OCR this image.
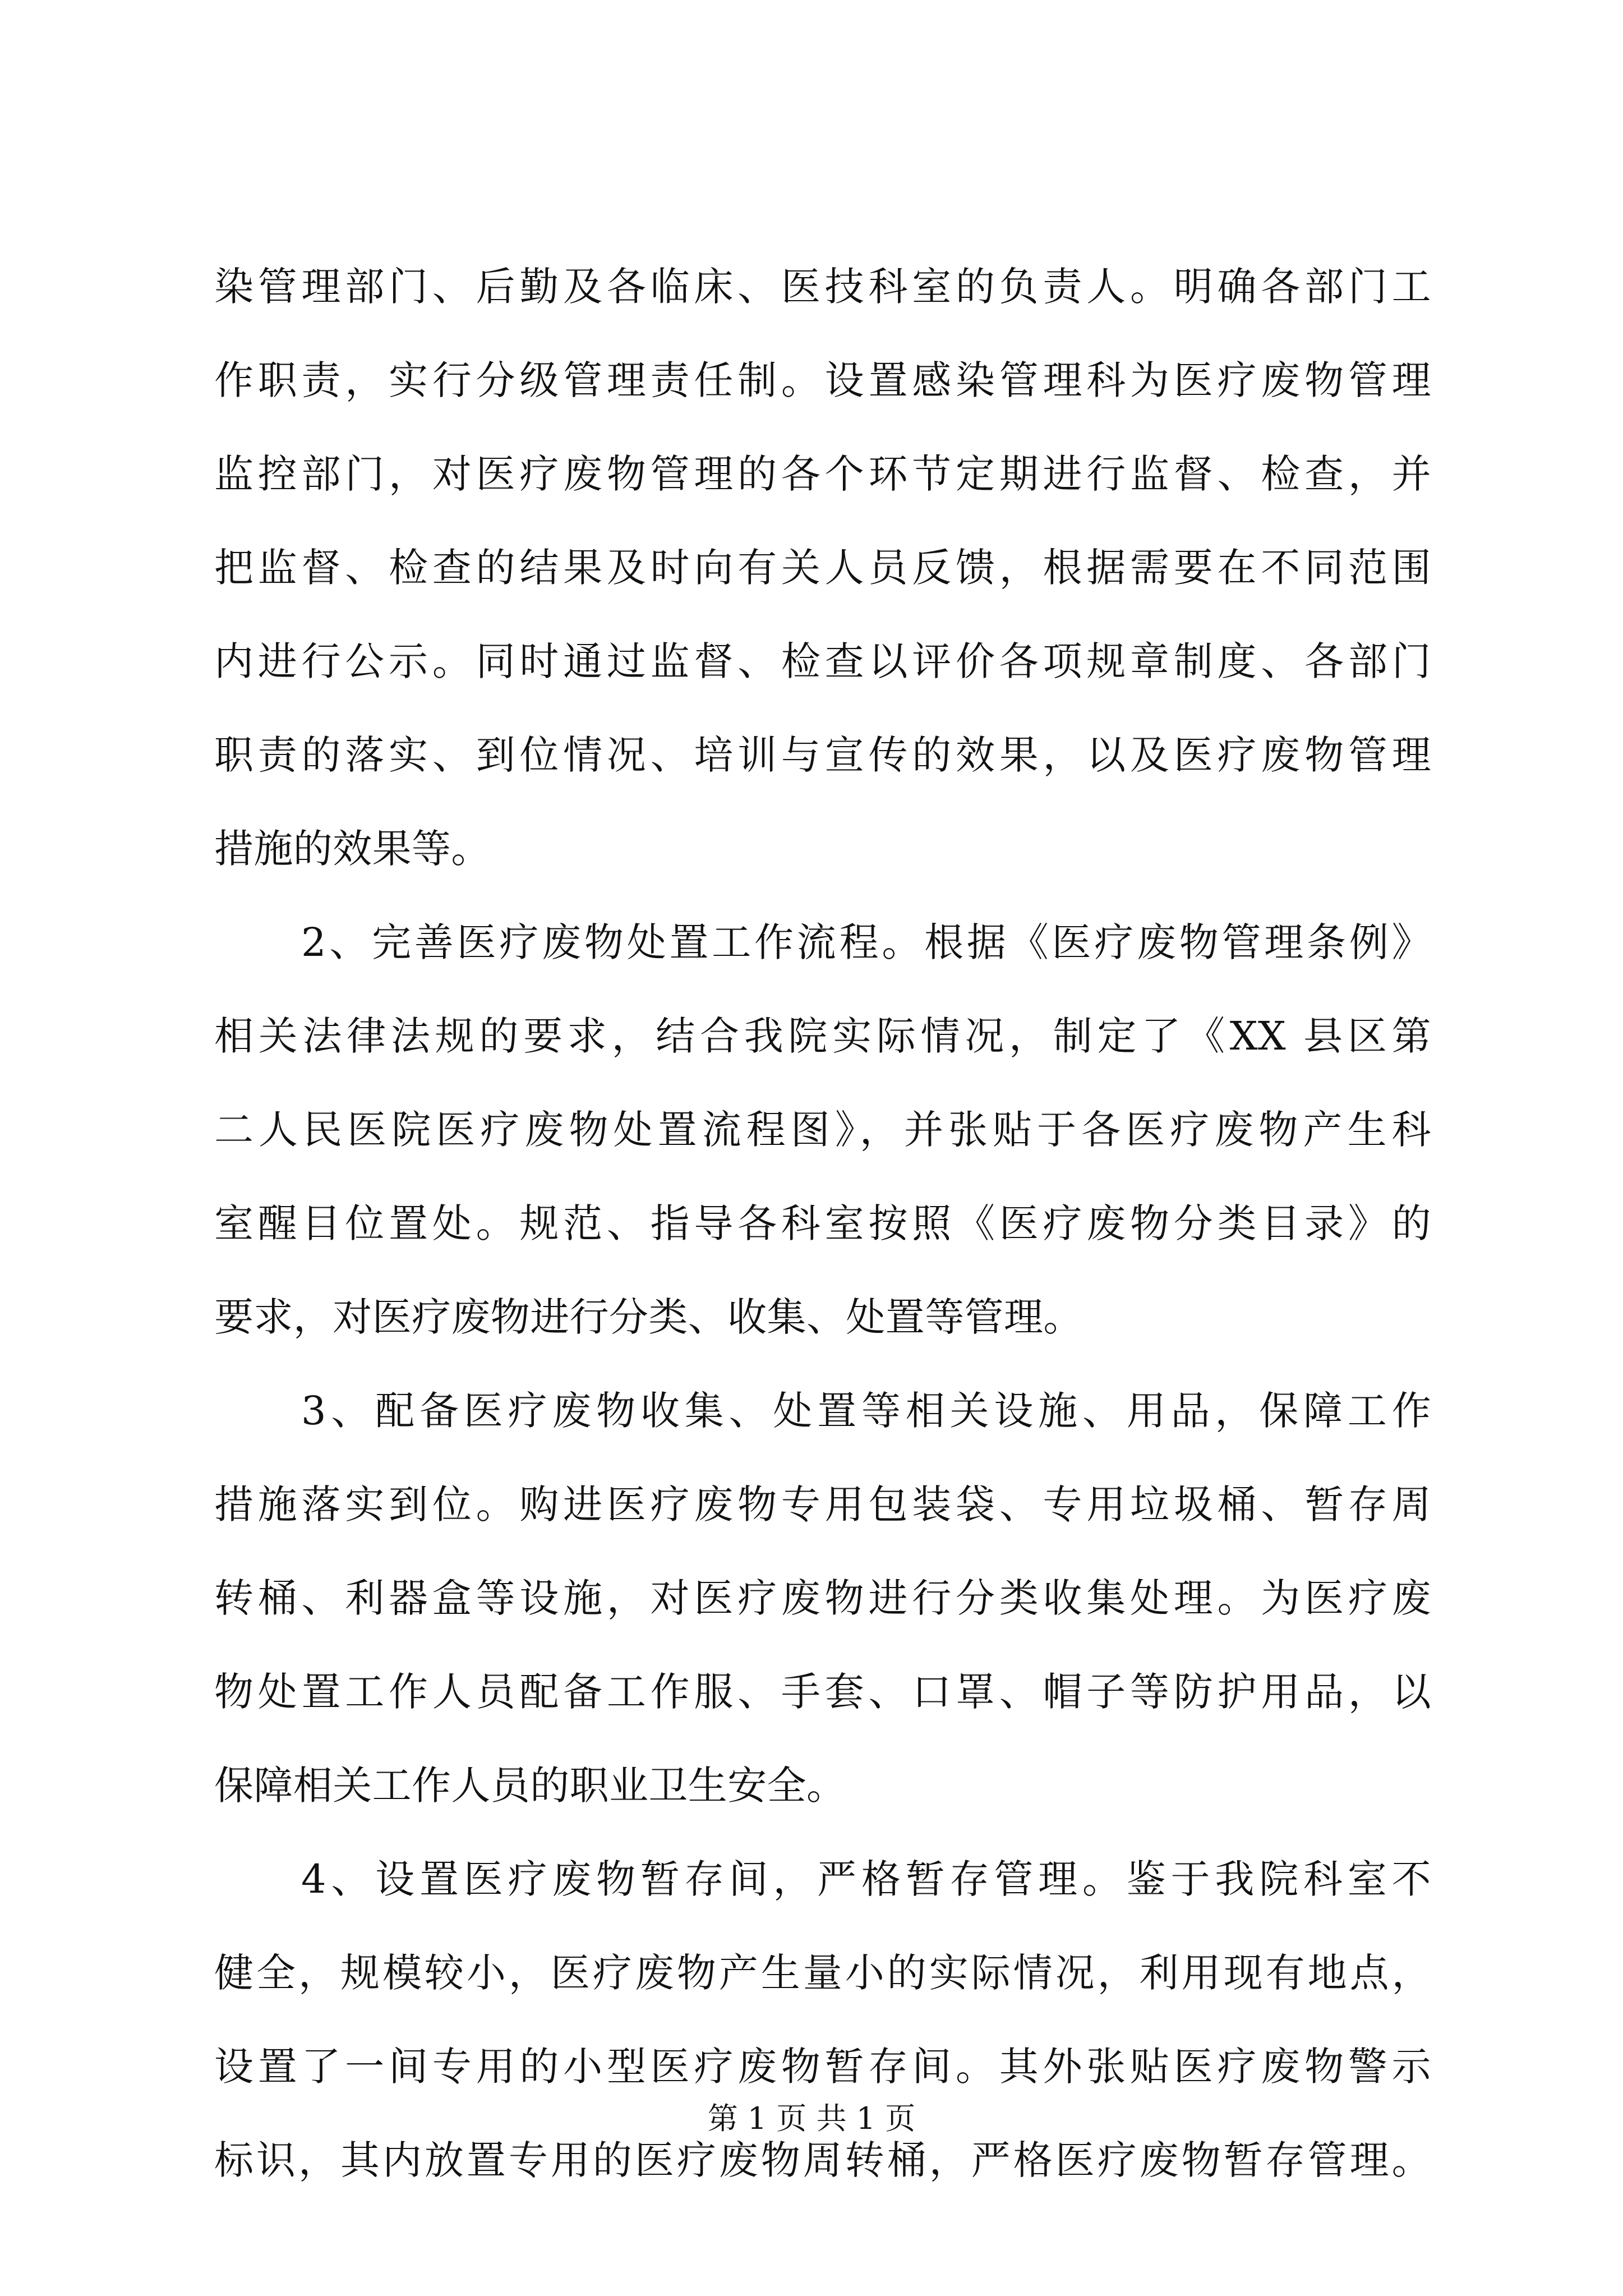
染管理部门、后勤及各临床、医技科室的负责人。明确各部门工
作职责，实行分级管理责任制。设置感染管理科为医疗废物管理
监控部门，对医疗废物管理的各个环节定期进行监督、检查，并
把监督、检查的结果及时向有关人员反馈，根据需要在不同范围
内进行公示。同时通过监督、检查以评价各项规章制度、各部门
职责的落实、到位情况、培训与宣传的效果，以及医疗废物管理
措施的效果等。
2、完善医疗废物处置工作流程。根据《医疗废物管理条例》
相关法律法规的要求，结合我院实际情况，制定了《XX 县区第
二人民医院医疗废物处置流程图》，并张贴于各医疗废物产生科
室醒目位置处。规范、指导各科室按照《医疗废物分类目录》的
要求，对医疗废物进行分类、收集、处置等管理。
3、配备医疗废物收集、处置等相关设施、用品，保障工作
措施落实到位。购进医疗废物专用包装袋、专用垃圾桶、暂存周
转桶、利器盒等设施，对医疗废物进行分类收集处理。为医疗废
物处置工作人员配备工作服、手套、口罩、帽子等防护用品，以
保障相关工作人员的职业卫生安全。
4、设置医疗废物暂存间，严格暂存管理。鉴于我院科室不
健全，规模较小，医疗废物产生量小的实际情况，利用现有地点，
设置了一间专用的小型医疗废物暂存间。其外张贴医疗废物警示
标识，其内放置专用的医疗废物周转桶，严格医疗废物暂存管理。
第 1 页 共 1 页
